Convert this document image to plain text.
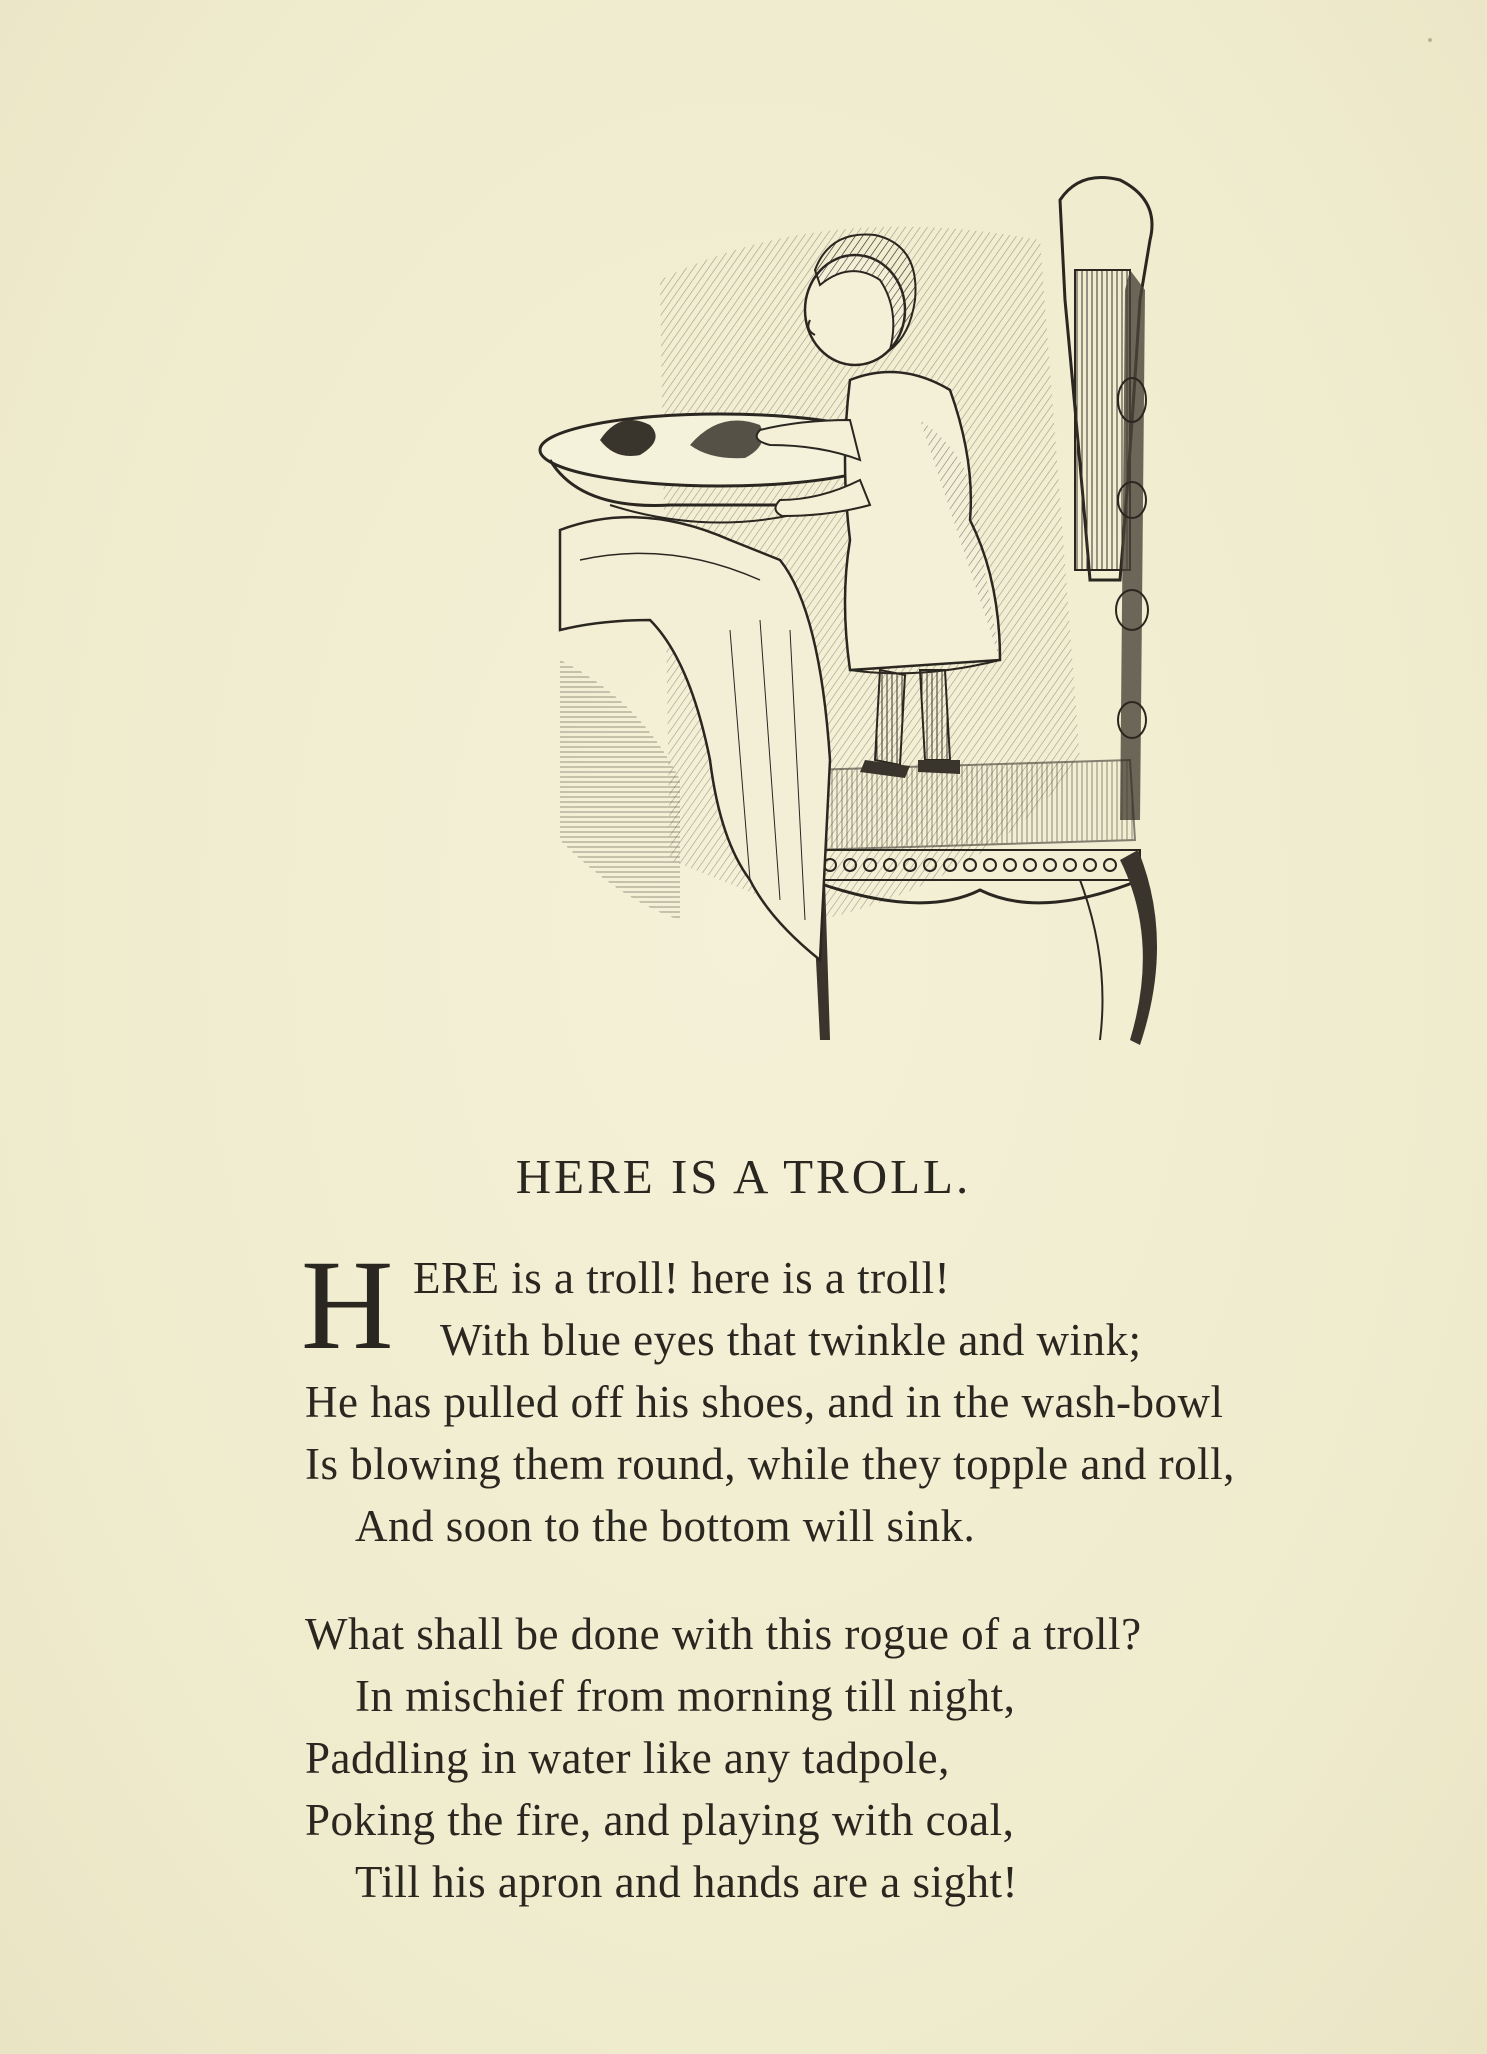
HERE IS A TROLL.
H ERE is a troll! here is a troll!
With blue eyes that twinkle and wink;
He has pulled off his shoes, and in the wash-bowl
Is blowing them round, while they topple and roll,
And soon to the bottom will sink.
What shall be done with this rogue of a troll?
In mischief from morning till night,
Paddling in water like any tadpole,
Poking the fire, and playing with coal,
Till his apron and hands are a sight!
